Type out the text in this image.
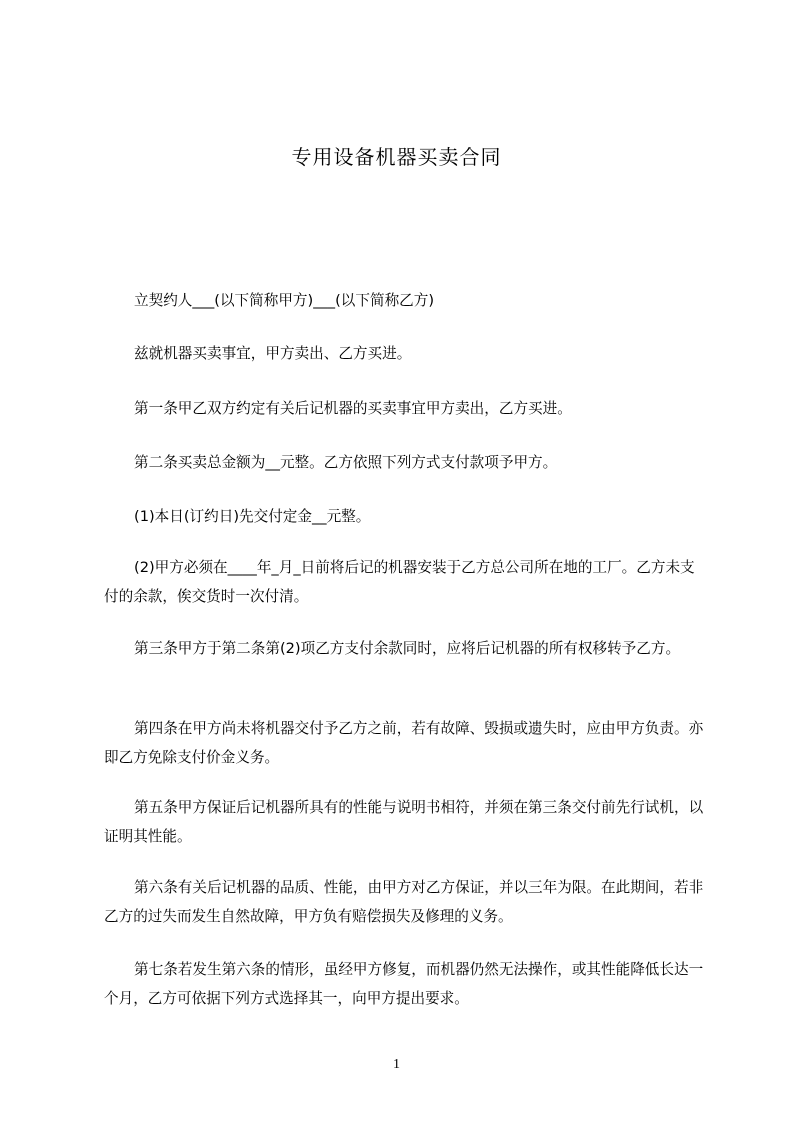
专用设备机器买卖合同

立契约人___(以下简称甲方)___(以下简称乙方)

兹就机器买卖事宜，甲方卖出、乙方买进。

第一条甲乙双方约定有关后记机器的买卖事宜甲方卖出，乙方买进。

第二条买卖总金额为__元整。乙方依照下列方式支付款项予甲方。

(1)本日(订约日)先交付定金__元整。

(2)甲方必须在____年_月_日前将后记的机器安装于乙方总公司所在地的工厂。乙方未支付的余款，俟交货时一次付清。

第三条甲方于第二条第(2)项乙方支付余款同时，应将后记机器的所有权移转予乙方。

第四条在甲方尚未将机器交付予乙方之前，若有故障、毁损或遗失时，应由甲方负责。亦即乙方免除支付价金义务。

第五条甲方保证后记机器所具有的性能与说明书相符，并须在第三条交付前先行试机，以证明其性能。

第六条有关后记机器的品质、性能，由甲方对乙方保证，并以三年为限。在此期间，若非乙方的过失而发生自然故障，甲方负有赔偿损失及修理的义务。

第七条若发生第六条的情形，虽经甲方修复，而机器仍然无法操作，或其性能降低长达一个月，乙方可依据下列方式选择其一，向甲方提出要求。

1
